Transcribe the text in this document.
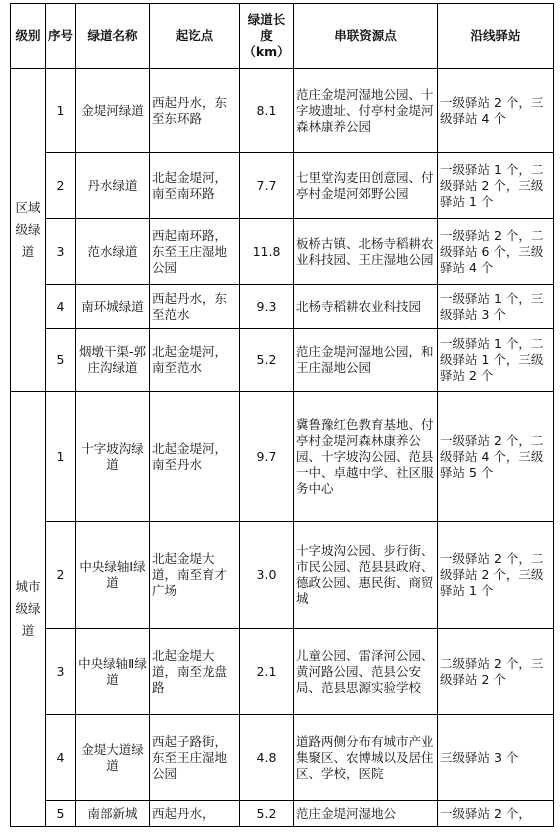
级别	序号	绿道名称	起讫点	绿道长度（km）	串联资源点	沿线驿站
区域级绿道	1	金堤河绿道	西起丹水，东至东环路	8.1	范庄金堤河湿地公园、十字坡遗址、付亭村金堤河森林康养公园	一级驿站 2 个，三级驿站 4 个
	2	丹水绿道	北起金堤河，南至南环路	7.7	七里堂沟麦田创意园、付亭村金堤河郊野公园	一级驿站 1 个，二级驿站 2 个，三级驿站 1 个
	3	范水绿道	西起南环路，东至王庄湿地公园	11.8	板桥古镇、北杨寺稻耕农业科技园、王庄湿地公园	一级驿站 2 个，二级驿站 6 个，三级驿站 4 个
	4	南环城绿道	西起丹水，东至范水	9.3	北杨寺稻耕农业科技园	一级驿站 1 个，三级驿站 3 个
	5	烟墩干渠-郭庄沟绿道	北起金堤河，南至范水	5.2	范庄金堤河湿地公园，和王庄湿地公园	一级驿站 1 个，二级驿站 1 个，三级驿站 2 个
城市级绿道	1	十字坡沟绿道	北起金堤河，南至丹水	9.7	冀鲁豫红色教育基地、付亭村金堤河森林康养公园、十字坡沟公园、范县一中、卓越中学、社区服务中心	一级驿站 2 个，二级驿站 4 个，三级驿站 5 个
	2	中央绿轴Ⅰ绿道	北起金堤大道，南至育才广场	3.0	十字坡沟公园、步行街、市民公园、范县县政府、德政公园、惠民街、商贸城	一级驿站 2 个，二级驿站 2 个，三级驿站 1 个
	3	中央绿轴Ⅱ绿道	北起金堤大道，南至龙盘路	2.1	儿童公园、雷泽河公园、黄河路公园、范县公安局、范县思源实验学校	二级驿站 2 个，三级驿站 2 个
	4	金堤大道绿道	西起子路街，东至王庄湿地公园	4.8	道路两侧分布有城市产业集聚区、农博城以及居住区、学校，医院	三级驿站 3 个
	5	南部新城	西起丹水，	5.2	范庄金堤河湿地公	一级驿站 2 个，
